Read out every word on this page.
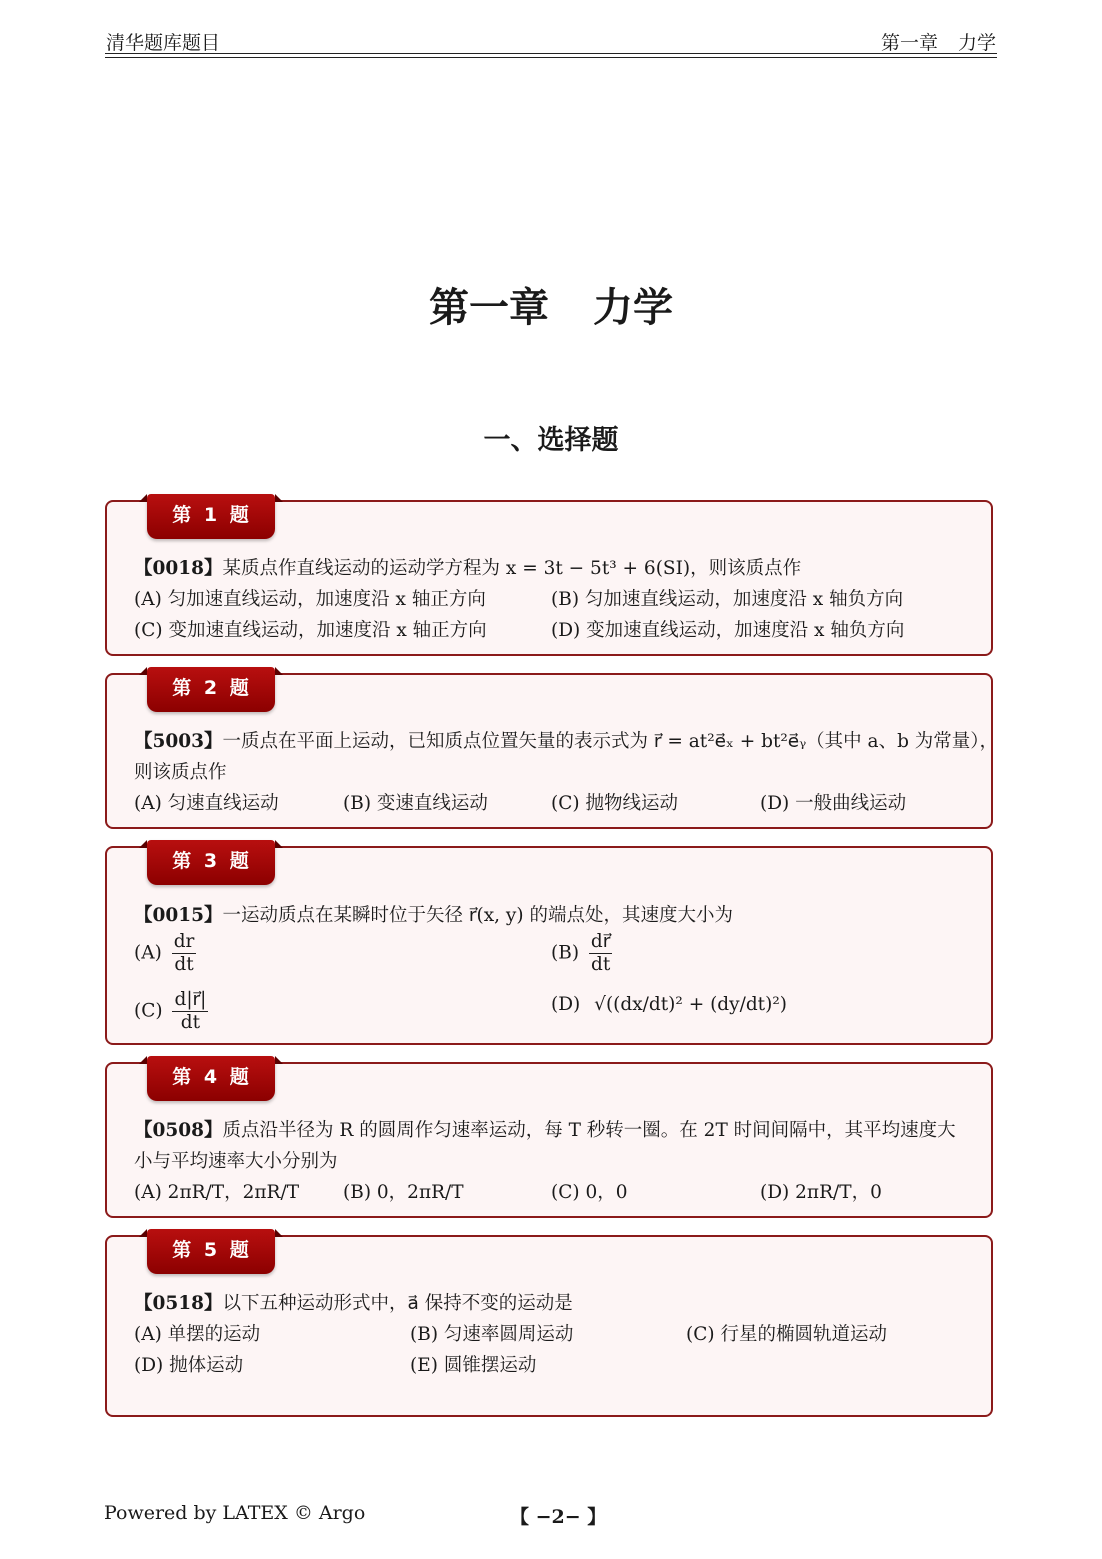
清华题库题目	第一章 力学
第一章 力学
一、选择题
第 1 题
【0018】某质点作直线运动的运动学方程为 x = 3t − 5t³ + 6(SI)，则该质点作
(A) 匀加速直线运动，加速度沿 x 轴正方向	(B) 匀加速直线运动，加速度沿 x 轴负方向
(C) 变加速直线运动，加速度沿 x 轴正方向	(D) 变加速直线运动，加速度沿 x 轴负方向
第 2 题
【5003】一质点在平面上运动，已知质点位置矢量的表示式为 r⃗ = at²e⃗ₓ + bt²e⃗ᵧ（其中 a、b 为常量），
则该质点作
(A) 匀速直线运动	(B) 变速直线运动	(C) 抛物线运动	(D) 一般曲线运动
第 3 题
【0015】一运动质点在某瞬时位于矢径 r⃗(x, y) 的端点处，其速度大小为
$(A) \frac{dr}{dt}$	$(B) \frac{dr⃗}{dt}$
$(C) \frac{d|r⃗|}{dt}$	(D) √((dx/dt)² + (dy/dt)²)
第 4 题
【0508】质点沿半径为 R 的圆周作匀速率运动，每 T 秒转一圈。在 2T 时间间隔中，其平均速度大
小与平均速率大小分别为
(A) 2πR/T，2πR/T (B) 0，2πR/T	(C) 0，0	(D) 2πR/T，0
第 5 题
【0518】以下五种运动形式中，a⃗ 保持不变的运动是
(A) 单摆的运动	(B) 匀速率圆周运动	(C) 行星的椭圆轨道运动
(D) 抛体运动	(E) 圆锥摆运动
Powered by LATEX © Argo	【 −2− 】
